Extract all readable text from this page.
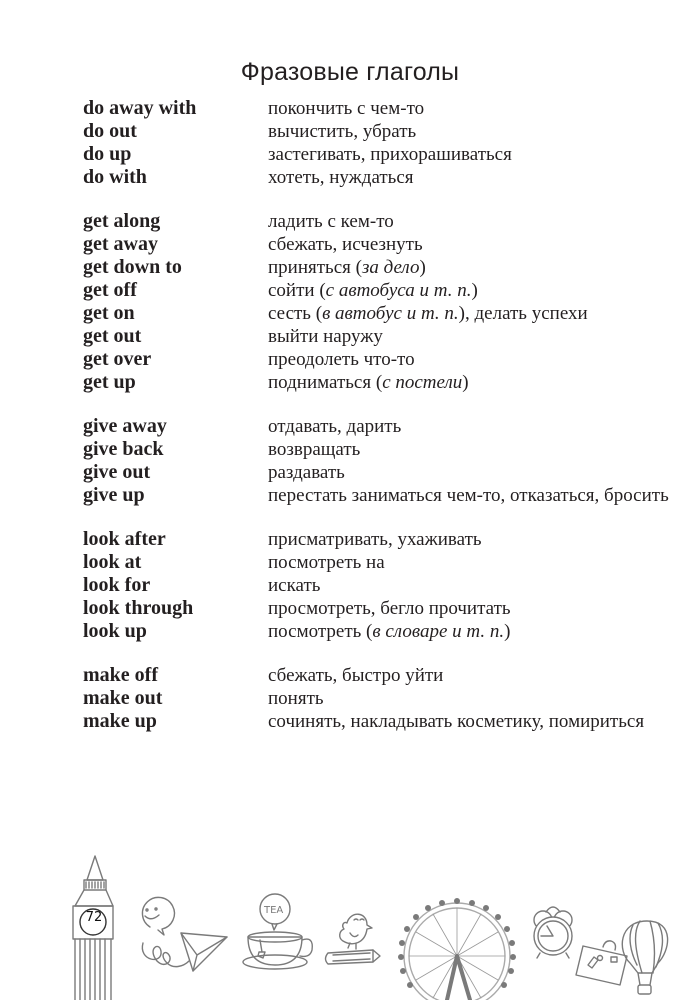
Фразовые глаголы
do away with	покончить с чем-то
do out	вычистить, убрать
do up	застегивать, прихорашиваться
do with	хотеть, нуждаться
get along	ладить с кем-то
get away	сбежать, исчезнуть
get down to	приняться (за дело)
get off	сойти (с автобуса и т. п.)
get on	сесть (в автобус и т. п.), делать успехи
get out	выйти наружу
get over	преодолеть что-то
get up	подниматься (с постели)
give away	отдавать, дарить
give back	возвращать
give out	раздавать
give up	перестать заниматься чем-то, отказаться, бросить
look after	присматривать, ухаживать
look at	посмотреть на
look for	искать
look through	просмотреть, бегло прочитать
look up	посмотреть (в словаре и т. п.)
make off	сбежать, быстро уйти
make out	понять
make up	сочинять, накладывать косметику, помириться
TEA
72
